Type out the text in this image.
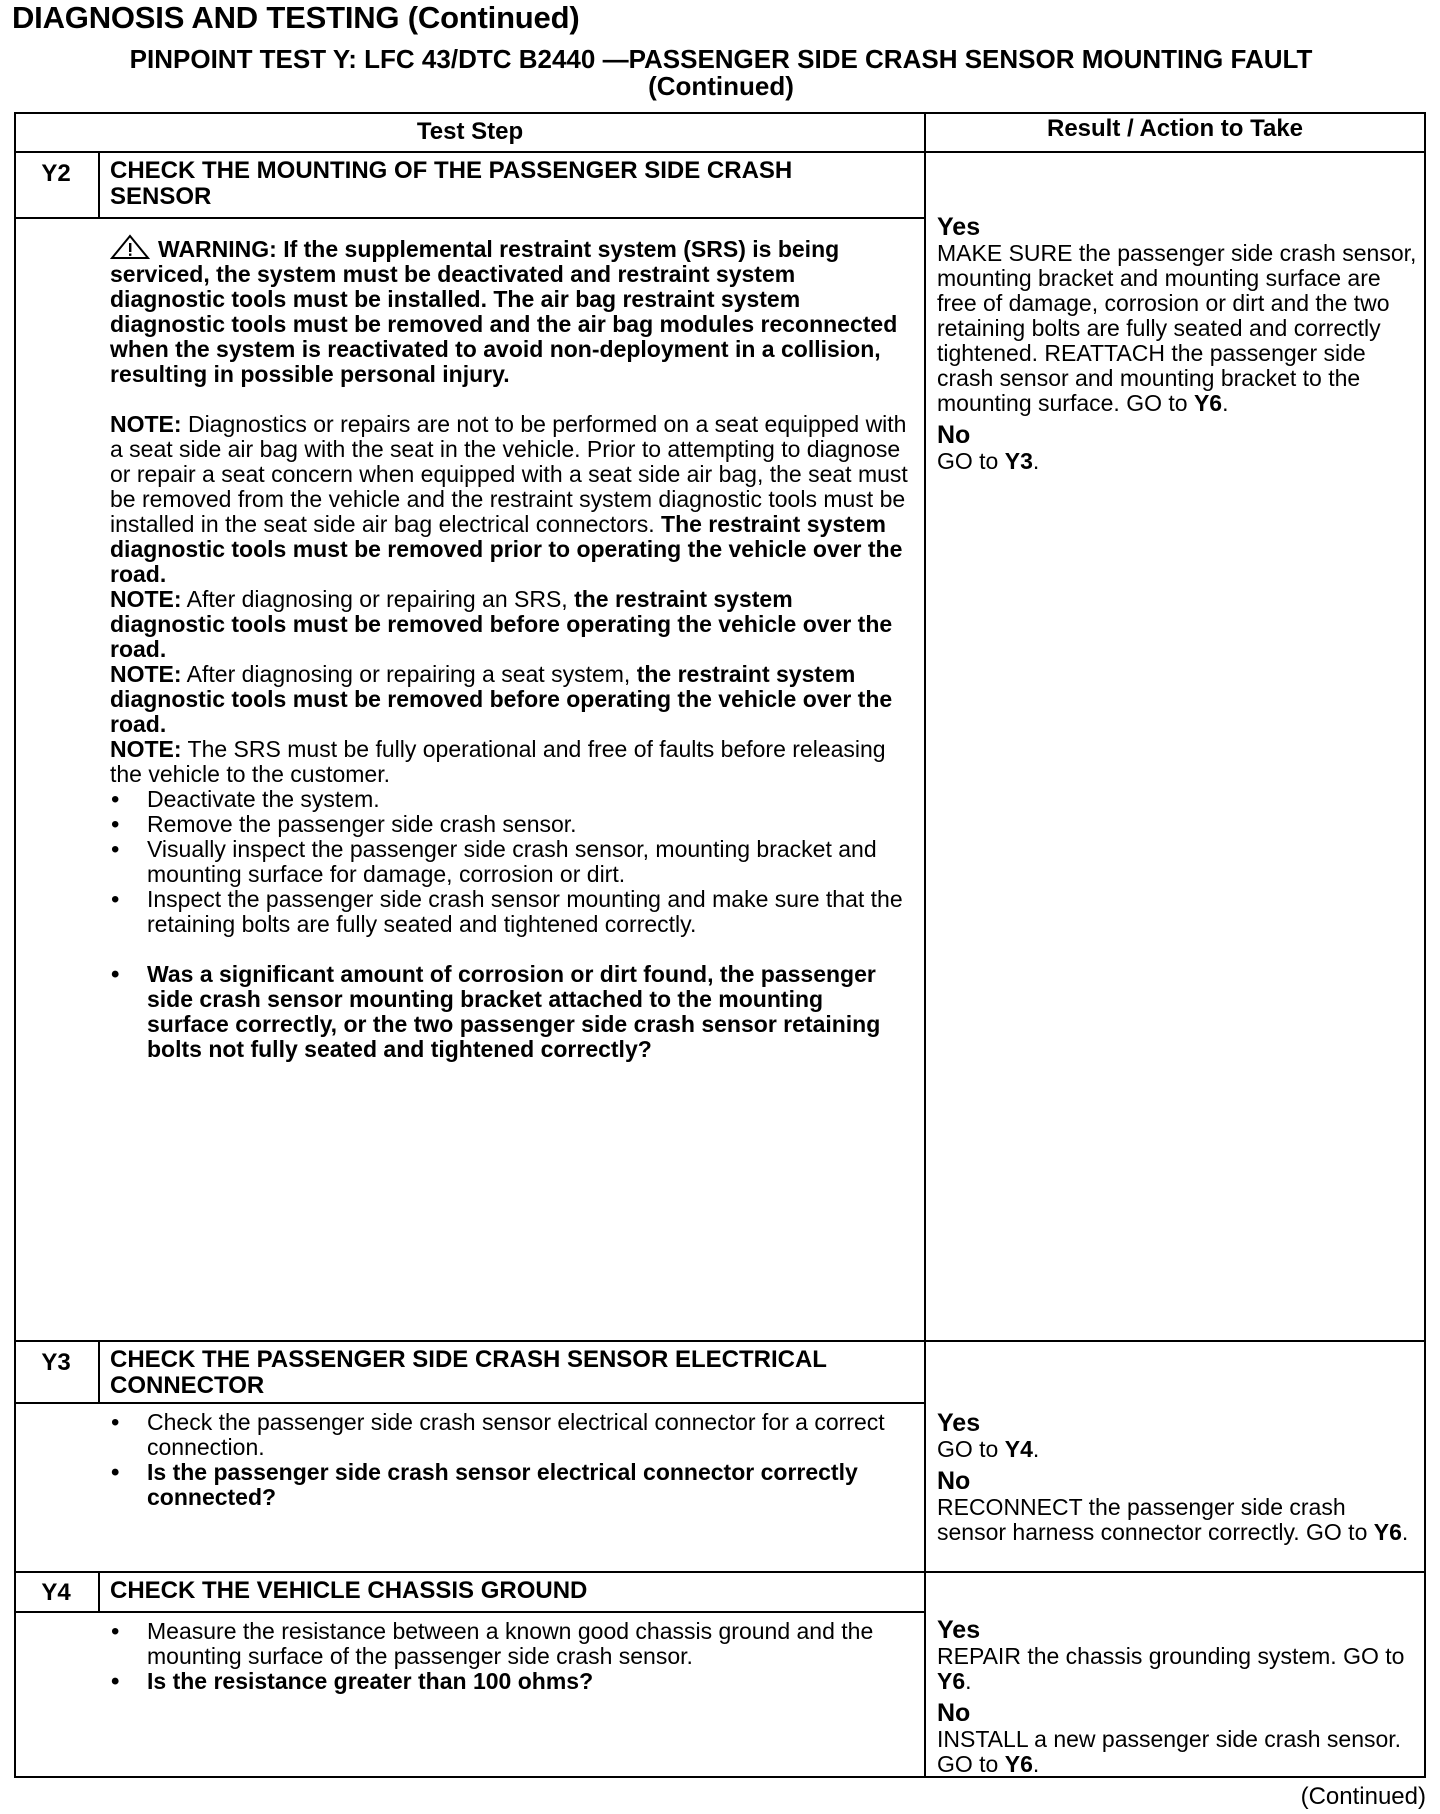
DIAGNOSIS AND TESTING (Continued)
PINPOINT TEST Y: LFC 43/DTC B2440 —PASSENGER SIDE CRASH SENSOR MOUNTING FAULT
(Continued)
Test Step	Result / Action to Take
Y2	CHECK THE MOUNTING OF THE PASSENGER SIDE CRASH SENSOR

WARNING: If the supplemental restraint system (SRS) is being serviced, the system must be deactivated and restraint system diagnostic tools must be installed. The air bag restraint system diagnostic tools must be removed and the air bag modules reconnected when the system is reactivated to avoid non-deployment in a collision, resulting in possible personal injury.

NOTE: Diagnostics or repairs are not to be performed on a seat equipped with a seat side air bag with the seat in the vehicle. Prior to attempting to diagnose or repair a seat concern when equipped with a seat side air bag, the seat must be removed from the vehicle and the restraint system diagnostic tools must be installed in the seat side air bag electrical connectors. The restraint system diagnostic tools must be removed prior to operating the vehicle over the road.

NOTE: After diagnosing or repairing an SRS, the restraint system diagnostic tools must be removed before operating the vehicle over the road.

NOTE: After diagnosing or repairing a seat system, the restraint system diagnostic tools must be removed before operating the vehicle over the road.

NOTE: The SRS must be fully operational and free of faults before releasing the vehicle to the customer.

• Deactivate the system.
• Remove the passenger side crash sensor.
• Visually inspect the passenger side crash sensor, mounting bracket and mounting surface for damage, corrosion or dirt.
• Inspect the passenger side crash sensor mounting and make sure that the retaining bolts are fully seated and tightened correctly.
• Was a significant amount of corrosion or dirt found, the passenger side crash sensor mounting bracket attached to the mounting surface correctly, or the two passenger side crash sensor retaining bolts not fully seated and tightened correctly?
Yes

MAKE SURE the passenger side crash sensor, mounting bracket and mounting surface are free of damage, corrosion or dirt and the two retaining bolts are fully seated and correctly tightened. REATTACH the passenger side crash sensor and mounting bracket to the mounting surface. GO to Y6.

No

GO to Y3.

Y3	CHECK THE PASSENGER SIDE CRASH SENSOR ELECTRICAL CONNECTOR
• Check the passenger side crash sensor electrical connector for a correct connection.
• Is the passenger side crash sensor electrical connector correctly connected?
Yes

GO to Y4.

No

RECONNECT the passenger side crash sensor harness connector correctly. GO to Y6.

Y4	CHECK THE VEHICLE CHASSIS GROUND
• Measure the resistance between a known good chassis ground and the mounting surface of the passenger side crash sensor.
• Is the resistance greater than 100 ohms?
Yes

REPAIR the chassis grounding system. GO to Y6.

No

INSTALL a new passenger side crash sensor. GO to Y6.

(Continued)
